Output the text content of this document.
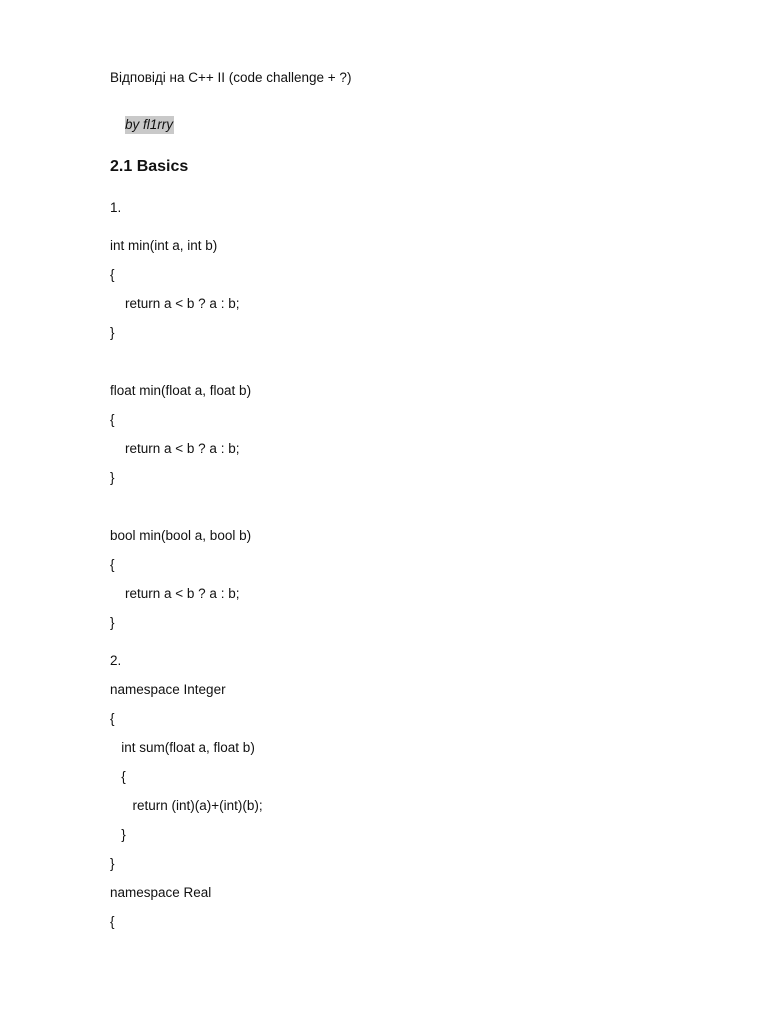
Відповіді на C++ II (code challenge + ?)

by fl1rry

2.1 Basics
1.
int min(int a, int b)
{
return a < b ? a : b;
}
float min(float a, float b)
{
return a < b ? a : b;
}
bool min(bool a, bool b)
{
return a < b ? a : b;
}
2.
namespace Integer
{
int sum(float a, float b)
{
return (int)(a)+(int)(b);
}
}
namespace Real
{
